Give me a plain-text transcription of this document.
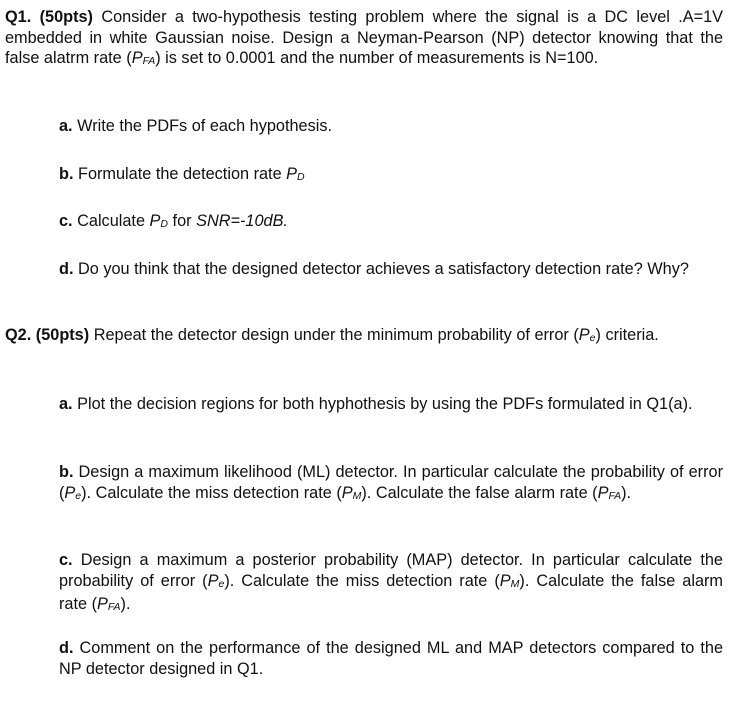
Q1. (50pts) Consider a two-hypothesis testing problem where the signal is a DC level .A=1V embedded in white Gaussian noise. Design a Neyman-Pearson (NP) detector knowing that the false alatrm rate (PFA) is set to 0.0001 and the number of measurements is N=100.
a. Write the PDFs of each hypothesis.
b. Formulate the detection rate PD
c. Calculate PD for SNR=-10dB.
d. Do you think that the designed detector achieves a satisfactory detection rate? Why?
Q2. (50pts) Repeat the detector design under the minimum probability of error (Pe) criteria.
a. Plot the decision regions for both hyphothesis by using the PDFs formulated in Q1(a).
b. Design a maximum likelihood (ML) detector. In particular calculate the probability of error (Pe). Calculate the miss detection rate (PM). Calculate the false alarm rate (PFA).
c. Design a maximum a posterior probability (MAP) detector. In particular calculate the probability of error (Pe). Calculate the miss detection rate (PM). Calculate the false alarm rate (PFA).
d. Comment on the performance of the designed ML and MAP detectors compared to the NP detector designed in Q1.
